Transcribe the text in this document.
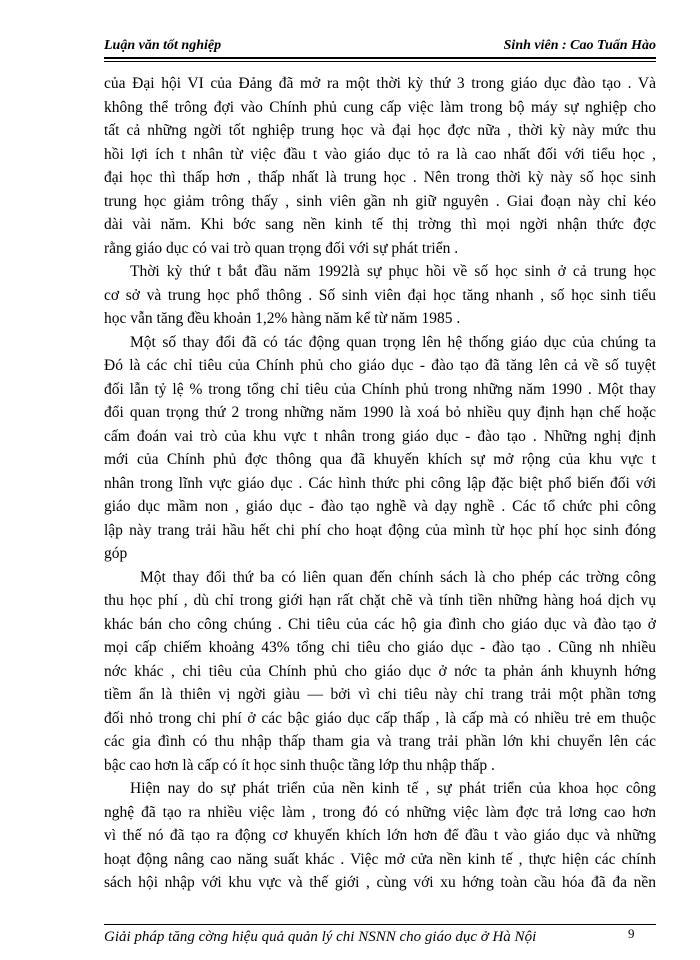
Luận văn tốt nghiệp	Sinh viên : Cao Tuấn Hào
của Đại hội VI của Đảng đã mở ra một thời kỳ thứ 3 trong giáo dục đào tạo . Và
không thể trông đợi vào Chính phủ cung cấp việc làm trong bộ máy sự nghiệp cho
tất cả những ngời tốt nghiệp trung học và đại học đợc nữa , thời kỳ này mức thu
hồi lợi ích t nhân từ việc đầu t vào giáo dục tỏ ra là cao nhất đối với tiểu học ,
đại học thì thấp hơn , thấp nhất là trung học . Nên trong thời kỳ này số học sinh
trung học giảm trông thấy , sinh viên gần nh giữ nguyên . Giai đoạn này chỉ kéo
dài vài năm. Khi bớc sang nền kinh tế thị trờng thì mọi ngời nhận thức đợc
rằng giáo dục có vai trò quan trọng đối với sự phát triển .
Thời kỳ thứ t bắt đầu năm 1992là sự phục hồi về số học sinh ở cả trung học
cơ sở và trung học phổ thông . Số sinh viên đại học tăng nhanh , số học sinh tiểu
học vẫn tăng đều khoản 1,2% hàng năm kể từ năm 1985 .
Một số thay đổi đã có tác động quan trọng lên hệ thống giáo dục của chúng ta
Đó là các chỉ tiêu của Chính phủ cho giáo dục - đào tạo đã tăng lên cả về số tuyệt
đối lẫn tỷ lệ % trong tổng chỉ tiêu của Chính phủ trong những năm 1990 . Một thay
đổi quan trọng thứ 2 trong những năm 1990 là xoá bỏ nhiều quy định hạn chế hoặc
cấm đoán vai trò của khu vực t nhân trong giáo dục - đào tạo . Những nghị định
mới của Chính phủ đợc thông qua đã khuyến khích sự mở rộng của khu vực t
nhân trong lĩnh vực giáo dục . Các hình thức phi công lập đặc biệt phổ biến đối với
giáo dục mầm non , giáo dục - đào tạo nghề và dạy nghề . Các tổ chức phi công
lập này trang trải hầu hết chi phí cho hoạt động của mình từ học phí học sinh đóng
góp
Một thay đổi thứ ba có liên quan đến chính sách là cho phép các trờng công
thu học phí , dù chỉ trong giới hạn rất chặt chẽ và tính tiền những hàng hoá dịch vụ
khác bán cho công chúng . Chi tiêu của các hộ gia đình cho giáo dục và đào tạo ở
mọi cấp chiếm khoảng 43% tổng chi tiêu cho giáo dục - đào tạo . Cũng nh nhiều
nớc khác , chi tiêu của Chính phủ cho giáo dục ở nớc ta phản ánh khuynh hớng
tiềm ẩn là thiên vị ngời giàu — bởi vì chi tiêu này chỉ trang trải một phần tơng
đối nhỏ trong chi phí ở các bậc giáo dục cấp thấp , là cấp mà có nhiều trẻ em thuộc
các gia đình có thu nhập thấp tham gia và trang trải phần lớn khi chuyển lên các
bậc cao hơn là cấp có ít học sinh thuộc tầng lớp thu nhập thấp .
Hiện nay do sự phát triển của nền kinh tế , sự phát triển của khoa học công
nghệ đã tạo ra nhiều việc làm , trong đó có những việc làm đợc trả lơng cao hơn
vì thế nó đã tạo ra động cơ khuyến khích lớn hơn để đầu t vào giáo dục và những
hoạt động nâng cao năng suất khác . Việc mở cửa nền kinh tế , thực hiện các chính
sách hội nhập với khu vực và thế giới , cùng với xu hớng toàn cầu hóa đã đa nền
Giải pháp tăng cờng hiệu quả quản lý chi NSNN cho giáo dục ở Hà Nội	9
